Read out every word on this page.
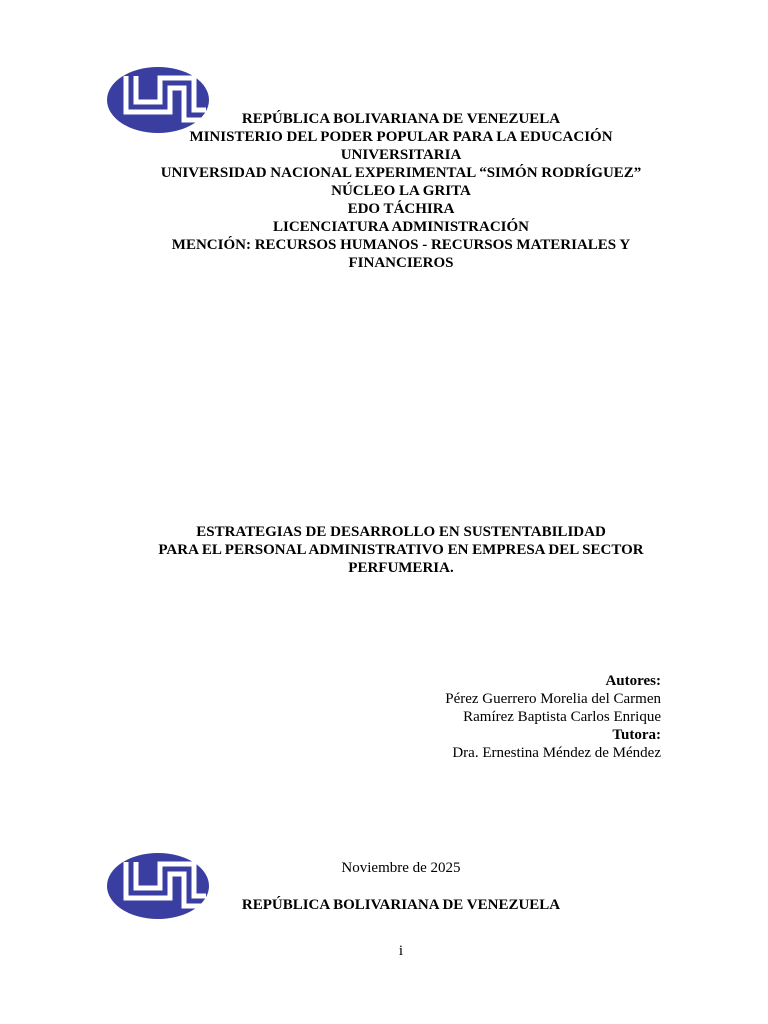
REPÚBLICA BOLIVARIANA DE VENEZUELA
MINISTERIO DEL PODER POPULAR PARA LA EDUCACIÓN
UNIVERSITARIA
UNIVERSIDAD NACIONAL EXPERIMENTAL “SIMÓN RODRÍGUEZ”
NÚCLEO LA GRITA
EDO TÁCHIRA
LICENCIATURA ADMINISTRACIÓN
MENCIÓN: RECURSOS HUMANOS - RECURSOS MATERIALES Y
FINANCIEROS
ESTRATEGIAS DE DESARROLLO EN SUSTENTABILIDAD
PARA EL PERSONAL ADMINISTRATIVO EN EMPRESA DEL SECTOR
PERFUMERIA.
Autores:
Pérez Guerrero Morelia del Carmen
Ramírez Baptista Carlos Enrique
Tutora:
Dra. Ernestina Méndez de Méndez
Noviembre de 2025
REPÚBLICA BOLIVARIANA DE VENEZUELA
i
